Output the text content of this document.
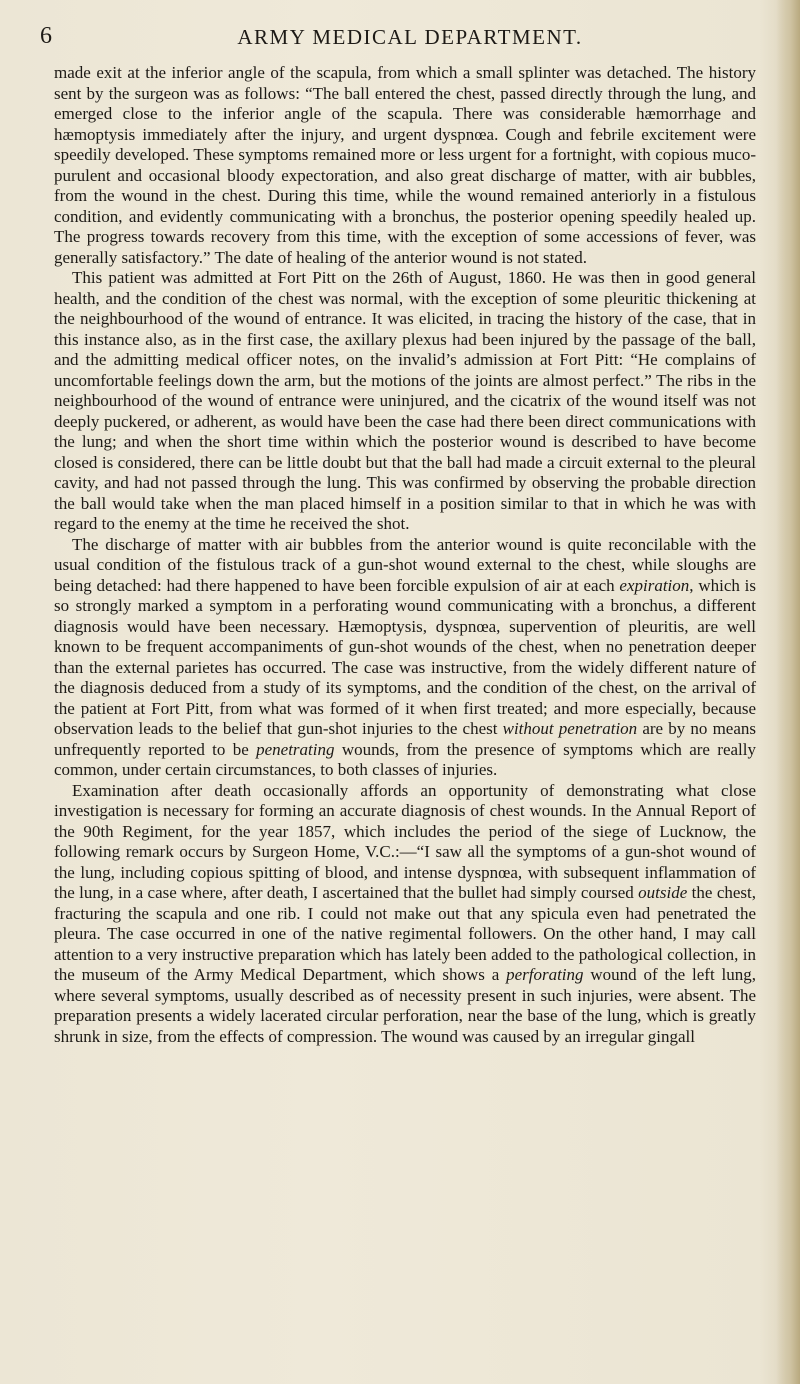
6	ARMY MEDICAL DEPARTMENT.

made exit at the inferior angle of the scapula, from which a small splinter was detached. The history sent by the surgeon was as follows: “The ball entered the chest, passed directly through the lung, and emerged close to the inferior angle of the scapula. There was considerable hæmorrhage and hæmoptysis immediately after the injury, and urgent dyspnœa. Cough and febrile excitement were speedily developed. These symptoms remained more or less urgent for a fortnight, with copious muco-purulent and occasional bloody expectoration, and also great discharge of matter, with air bubbles, from the wound in the chest. During this time, while the wound remained anteriorly in a fistulous condition, and evidently communicating with a bronchus, the posterior opening speedily healed up. The progress towards recovery from this time, with the exception of some accessions of fever, was generally satisfactory.” The date of healing of the anterior wound is not stated.

This patient was admitted at Fort Pitt on the 26th of August, 1860. He was then in good general health, and the condition of the chest was normal, with the exception of some pleuritic thickening at the neighbourhood of the wound of entrance. It was elicited, in tracing the history of the case, that in this instance also, as in the first case, the axillary plexus had been injured by the passage of the ball, and the admitting medical officer notes, on the invalid’s admission at Fort Pitt: “He complains of uncomfortable feelings down the arm, but the motions of the joints are almost perfect.” The ribs in the neighbourhood of the wound of entrance were uninjured, and the cicatrix of the wound itself was not deeply puckered, or adherent, as would have been the case had there been direct communications with the lung; and when the short time within which the posterior wound is described to have become closed is considered, there can be little doubt but that the ball had made a circuit external to the pleural cavity, and had not passed through the lung. This was confirmed by observing the probable direction the ball would take when the man placed himself in a position similar to that in which he was with regard to the enemy at the time he received the shot.

The discharge of matter with air bubbles from the anterior wound is quite reconcilable with the usual condition of the fistulous track of a gun-shot wound external to the chest, while sloughs are being detached: had there happened to have been forcible expulsion of air at each expiration, which is so strongly marked a symptom in a perforating wound communicating with a bronchus, a different diagnosis would have been necessary. Hæmoptysis, dyspnœa, supervention of pleuritis, are well known to be frequent accompaniments of gun-shot wounds of the chest, when no penetration deeper than the external parietes has occurred. The case was instructive, from the widely different nature of the diagnosis deduced from a study of its symptoms, and the condition of the chest, on the arrival of the patient at Fort Pitt, from what was formed of it when first treated; and more especially, because observation leads to the belief that gun-shot injuries to the chest without penetration are by no means unfrequently reported to be penetrating wounds, from the presence of symptoms which are really common, under certain circumstances, to both classes of injuries.

Examination after death occasionally affords an opportunity of demonstrating what close investigation is necessary for forming an accurate diagnosis of chest wounds. In the Annual Report of the 90th Regiment, for the year 1857, which includes the period of the siege of Lucknow, the following remark occurs by Surgeon Home, V.C.:—“I saw all the symptoms of a gun-shot wound of the lung, including copious spitting of blood, and intense dyspnœa, with subsequent inflammation of the lung, in a case where, after death, I ascertained that the bullet had simply coursed outside the chest, fracturing the scapula and one rib. I could not make out that any spicula even had penetrated the pleura. The case occurred in one of the native regimental followers. On the other hand, I may call attention to a very instructive preparation which has lately been added to the pathological collection, in the museum of the Army Medical Department, which shows a perforating wound of the left lung, where several symptoms, usually described as of necessity present in such injuries, were absent. The preparation presents a widely lacerated circular perforation, near the base of the lung, which is greatly shrunk in size, from the effects of compression. The wound was caused by an irregular gingall
